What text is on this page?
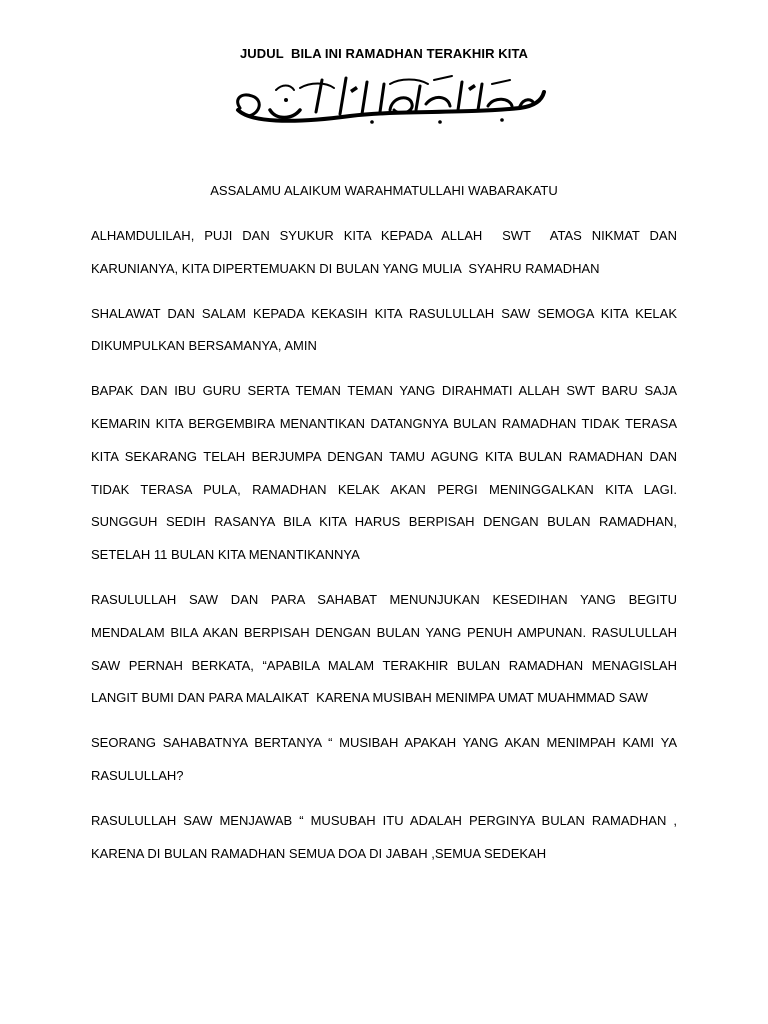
JUDUL  BILA INI RAMADHAN TERAKHIR KITA
ASSALAMU ALAIKUM WARAHMATULLAHI WABARAKATU

ALHAMDULILAH, PUJI DAN SYUKUR KITA KEPADA ALLAH  SWT  ATAS NIKMAT DAN KARUNIANYA, KITA DIPERTEMUAKN DI BULAN YANG MULIA  SYAHRU RAMADHAN

SHALAWAT DAN SALAM KEPADA KEKASIH KITA RASULULLAH SAW SEMOGA KITA KELAK DIKUMPULKAN BERSAMANYA, AMIN

BAPAK DAN IBU GURU SERTA TEMAN TEMAN YANG DIRAHMATI ALLAH SWT BARU SAJA KEMARIN KITA BERGEMBIRA MENANTIKAN DATANGNYA BULAN RAMADHAN TIDAK TERASA KITA SEKARANG TELAH BERJUMPA DENGAN TAMU AGUNG KITA BULAN RAMADHAN DAN TIDAK TERASA PULA, RAMADHAN KELAK AKAN PERGI MENINGGALKAN KITA LAGI.  SUNGGUH SEDIH RASANYA BILA KITA HARUS BERPISAH DENGAN BULAN RAMADHAN, SETELAH 11 BULAN KITA MENANTIKANNYA

RASULULLAH SAW DAN PARA SAHABAT MENUNJUKAN KESEDIHAN YANG BEGITU MENDALAM BILA AKAN BERPISAH DENGAN BULAN YANG PENUH AMPUNAN. RASULULLAH SAW PERNAH BERKATA, “APABILA MALAM TERAKHIR BULAN RAMADHAN MENAGISLAH LANGIT BUMI DAN PARA MALAIKAT  KARENA MUSIBAH MENIMPA UMAT MUAHMMAD SAW

SEORANG SAHABATNYA BERTANYA “ MUSIBAH APAKAH YANG AKAN MENIMPAH KAMI YA RASULULLAH?

RASULULLAH SAW MENJAWAB “ MUSUBAH ITU ADALAH PERGINYA BULAN RAMADHAN , KARENA DI BULAN RAMADHAN SEMUA DOA DI JABAH ,SEMUA SEDEKAH
